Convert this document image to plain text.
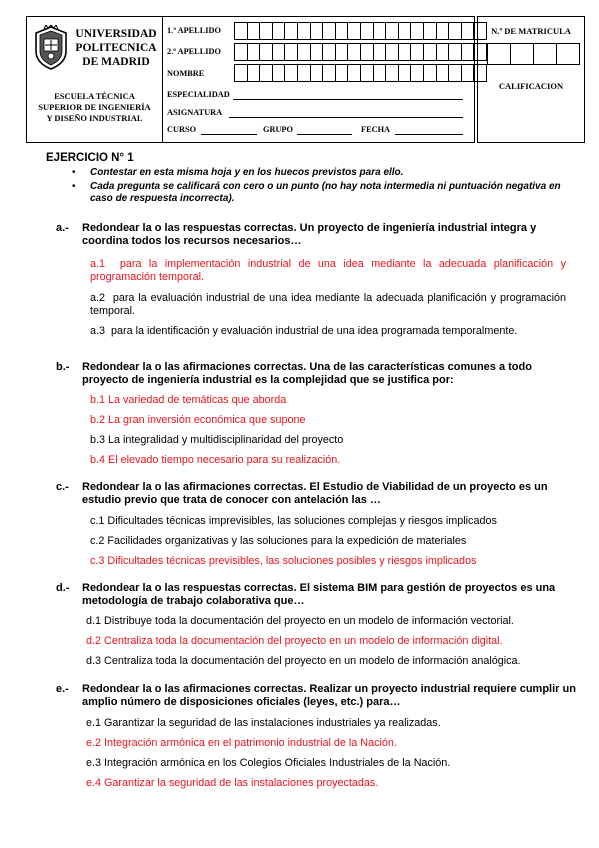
UNIVERSIDAD
POLITECNICA
DE MADRID
ESCUELA TÉCNICA
SUPERIOR DE INGENIERÍA
Y DISEÑO INDUSTRIAL
1.º APELLIDO
2.º APELLIDO
NOMBRE
ESPECIALIDAD
ASIGNATURA
CURSO	GRUPO	FECHA
N.º DE MATRICULA
CALIFICACION
EJERCICIO N° 1
• Contestar en esta misma hoja y en los huecos previstos para ello.
• Cada pregunta se calificará con cero o un punto (no hay nota intermedia ni puntuación negativa en caso de respuesta incorrecta).
a.- Redondear la o las respuestas correctas. Un proyecto de ingeniería industrial integra y coordina todos los recursos necesarios…
a.1 para la implementación industrial de una idea mediante la adecuada planificación y programación temporal.
a.2 para la evaluación industrial de una idea mediante la adecuada planificación y programación temporal.
a.3 para la identificación y evaluación industrial de una idea programada temporalmente.
b.- Redondear la o las afirmaciones correctas. Una de las características comunes a todo proyecto de ingeniería industrial es la complejidad que se justifica por:
b.1 La variedad de temáticas que aborda
b.2 La gran inversión económica que supone
b.3 La integralidad y multidisciplinaridad del proyecto
b.4 El elevado tiempo necesario para su realización.
c.- Redondear la o las afirmaciones correctas. El Estudio de Viabilidad de un proyecto es un estudio previo que trata de conocer con antelación las …
c.1 Dificultades técnicas imprevisibles, las soluciones complejas y riesgos implicados
c.2 Facilidades organizativas y las soluciones para la expedición de materiales
c.3 Dificultades técnicas previsibles, las soluciones posibles y riesgos implicados
d.- Redondear la o las respuestas correctas. El sistema BIM para gestión de proyectos es una metodología de trabajo colaborativa que…
d.1 Distribuye toda la documentación del proyecto en un modelo de información vectorial.
d.2 Centraliza toda la documentación del proyecto en un modelo de información digital.
d.3 Centraliza toda la documentación del proyecto en un modelo de información analógica.
e.- Redondear la o las afirmaciones correctas. Realizar un proyecto industrial requiere cumplir un amplio número de disposiciones oficiales (leyes, etc.) para…
e.1 Garantizar la seguridad de las instalaciones industriales ya realizadas.
e.2 Integración armónica en el patrimonio industrial de la Nación.
e.3 Integración armónica en los Colegios Oficiales Industriales de la Nación.
e.4 Garantizar la seguridad de las instalaciones proyectadas.
